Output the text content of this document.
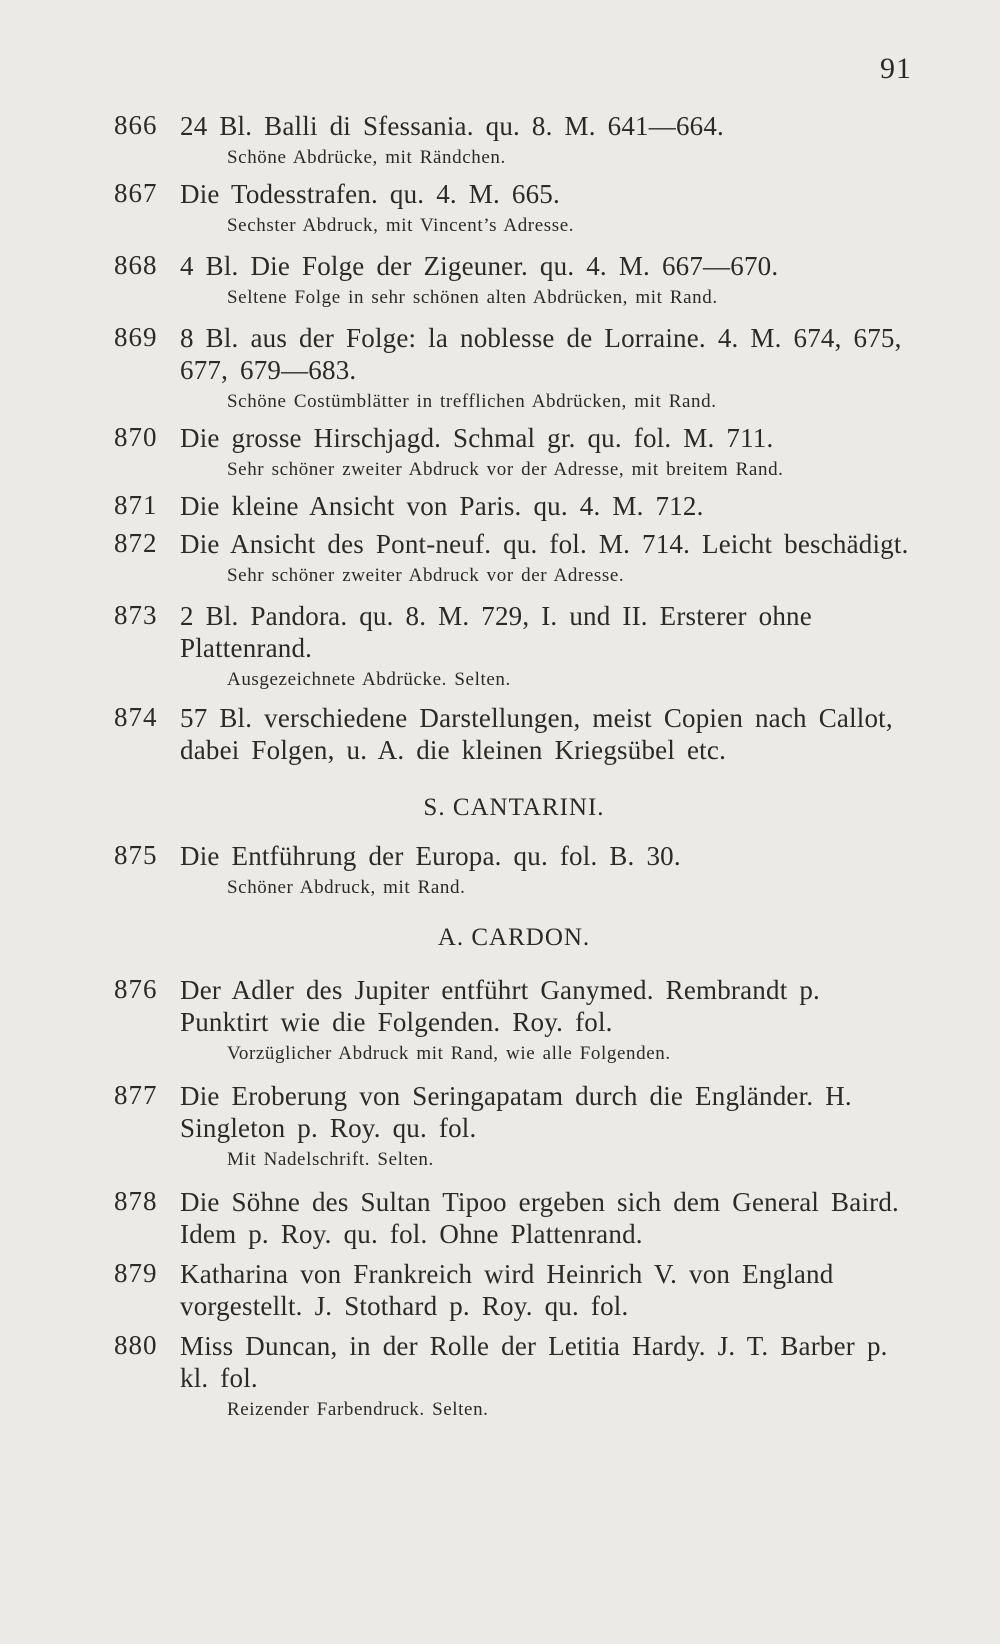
91
866 24 Bl. Balli di Sfessania. qu. 8. M. 641—664.
Schöne Abdrücke, mit Rändchen.
867 Die Todesstrafen. qu. 4. M. 665.
Sechster Abdruck, mit Vincent’s Adresse.
868 4 Bl. Die Folge der Zigeuner. qu. 4. M. 667—670.
Seltene Folge in sehr schönen alten Abdrücken, mit Rand.
869 8 Bl. aus der Folge: la noblesse de Lorraine. 4. M. 674, 675, 677, 679—683.
Schöne Costümblätter in trefflichen Abdrücken, mit Rand.
870 Die grosse Hirschjagd. Schmal gr. qu. fol. M. 711.
Sehr schöner zweiter Abdruck vor der Adresse, mit breitem Rand.
871 Die kleine Ansicht von Paris. qu. 4. M. 712.
872 Die Ansicht des Pont-neuf. qu. fol. M. 714. Leicht beschädigt.
Sehr schöner zweiter Abdruck vor der Adresse.
873 2 Bl. Pandora. qu. 8. M. 729, I. und II. Ersterer ohne Plattenrand.
Ausgezeichnete Abdrücke. Selten.
874 57 Bl. verschiedene Darstellungen, meist Copien nach Callot, dabei Folgen, u. A. die kleinen Kriegsübel etc.
S. CANTARINI.
875 Die Entführung der Europa. qu. fol. B. 30.
Schöner Abdruck, mit Rand.
A. CARDON.
876 Der Adler des Jupiter entführt Ganymed. Rembrandt p. Punktirt wie die Folgenden. Roy. fol.
Vorzüglicher Abdruck mit Rand, wie alle Folgenden.
877 Die Eroberung von Seringapatam durch die Engländer. H. Singleton p. Roy. qu. fol.
Mit Nadelschrift. Selten.
878 Die Söhne des Sultan Tipoo ergeben sich dem General Baird. Idem p. Roy. qu. fol. Ohne Plattenrand.
879 Katharina von Frankreich wird Heinrich V. von England vorgestellt. J. Stothard p. Roy. qu. fol.
880 Miss Duncan, in der Rolle der Letitia Hardy. J. T. Barber p. kl. fol.
Reizender Farbendruck. Selten.
